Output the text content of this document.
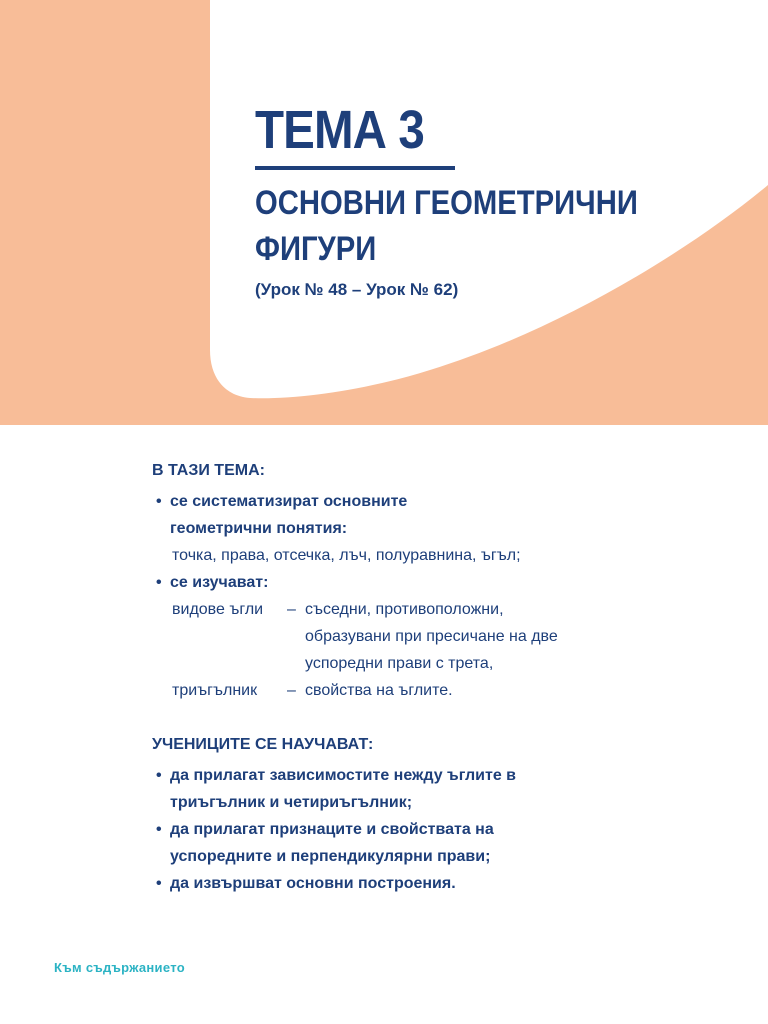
ТЕМА 3
ОСНОВНИ ГЕОМЕТРИЧНИ
ФИГУРИ
(Урок № 48 – Урок № 62)
В ТАЗИ ТЕМА:
• се систематизират основните
геометрични понятия:
точка, права, отсечка, лъч, полуравнина, ъгъл;
• се изучават:
видове ъгли	– съседни, противоположни,
образувани при пресичане на две
успоредни прави с трета,
триъгълник	– свойства на ъглите.
УЧЕНИЦИТЕ СЕ НАУЧАВАТ:
• да прилагат зависимостите нежду ъглите в
триъгълник и четириъгълник;
• да прилагат признаците и свойствата на
успоредните и перпендикулярни прави;
• да извършват основни построения.
Към съдържанието
